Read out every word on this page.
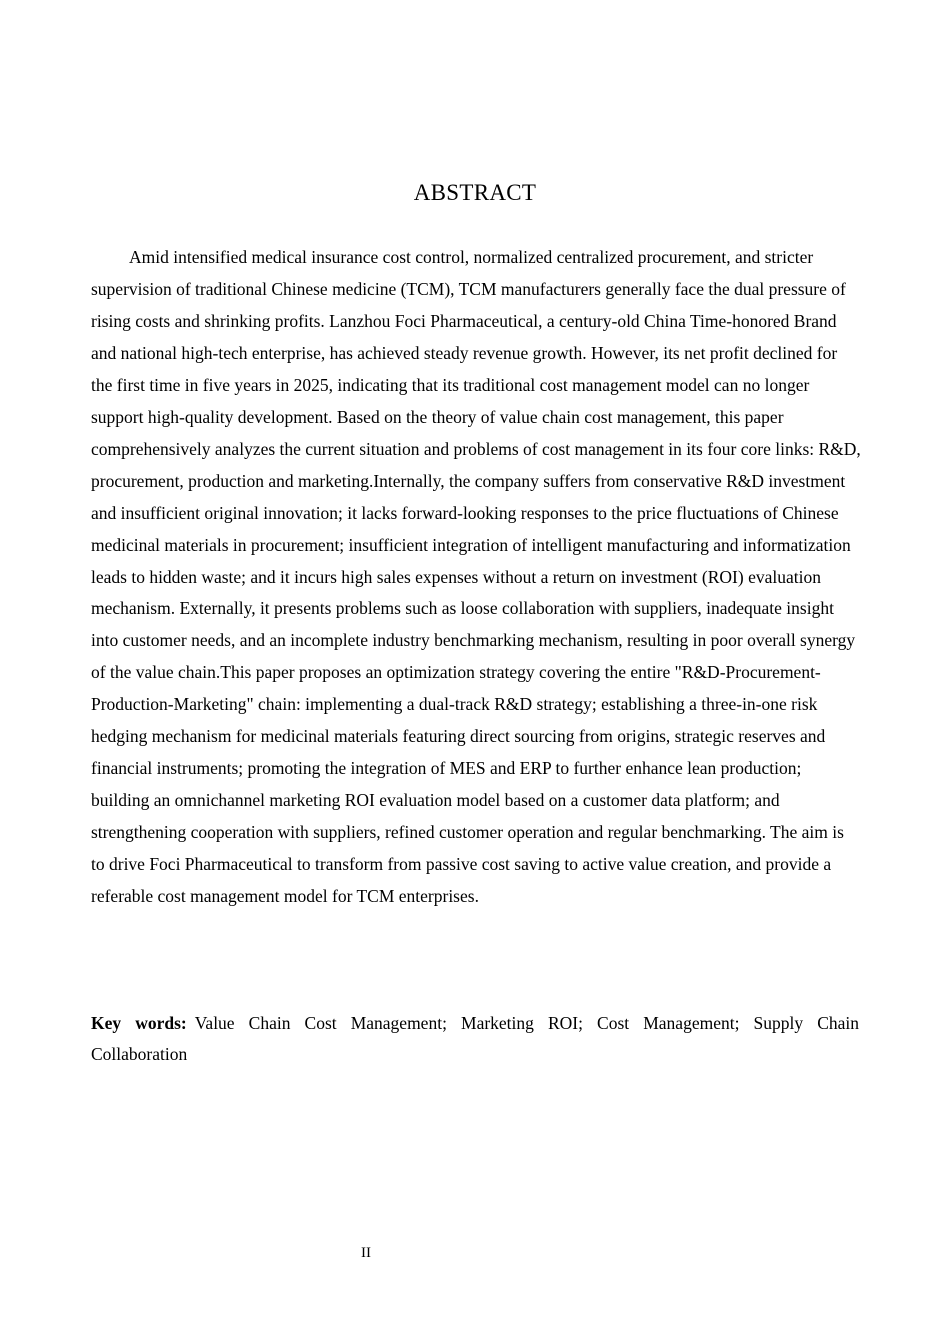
ABSTRACT

Amid intensified medical insurance cost control, normalized centralized procurement, and stricter supervision of traditional Chinese medicine (TCM), TCM manufacturers generally face the dual pressure of rising costs and shrinking profits. Lanzhou Foci Pharmaceutical, a century-old China Time-honored Brand and national high-tech enterprise, has achieved steady revenue growth. However, its net profit declined for the first time in five years in 2025, indicating that its traditional cost management model can no longer support high-quality development. Based on the theory of value chain cost management, this paper comprehensively analyzes the current situation and problems of cost management in its four core links: R&D, procurement, production and marketing.Internally, the company suffers from conservative R&D investment and insufficient original innovation; it lacks forward-looking responses to the price fluctuations of Chinese medicinal materials in procurement; insufficient integration of intelligent manufacturing and informatization leads to hidden waste; and it incurs high sales expenses without a return on investment (ROI) evaluation mechanism. Externally, it presents problems such as loose collaboration with suppliers, inadequate insight into customer needs, and an incomplete industry benchmarking mechanism, resulting in poor overall synergy of the value chain.This paper proposes an optimization strategy covering the entire "R&D-Procurement-Production-Marketing" chain: implementing a dual-track R&D strategy; establishing a three-in-one risk hedging mechanism for medicinal materials featuring direct sourcing from origins, strategic reserves and financial instruments; promoting the integration of MES and ERP to further enhance lean production; building an omnichannel marketing ROI evaluation model based on a customer data platform; and strengthening cooperation with suppliers, refined customer operation and regular benchmarking. The aim is to drive Foci Pharmaceutical to transform from passive cost saving to active value creation, and provide a referable cost management model for TCM enterprises.

Key words: Value Chain Cost Management; Marketing ROI; Cost Management; Supply Chain Collaboration

II
